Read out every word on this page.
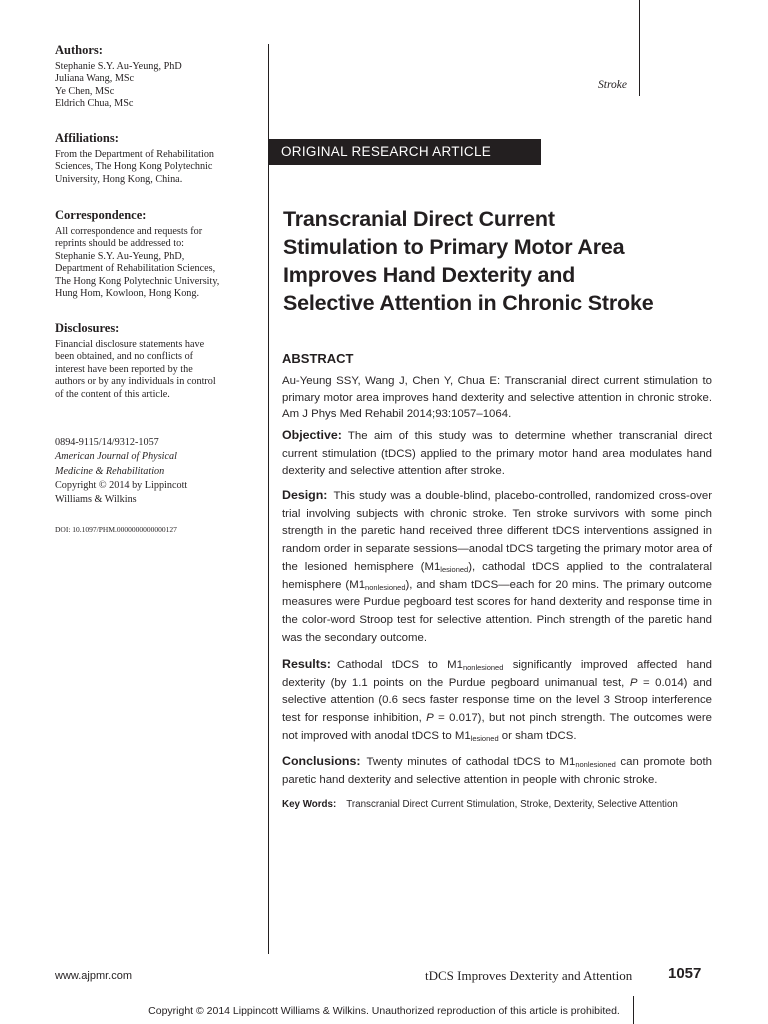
Authors:
Stephanie S.Y. Au-Yeung, PhD
Juliana Wang, MSc
Ye Chen, MSc
Eldrich Chua, MSc
Affiliations:
From the Department of Rehabilitation
Sciences, The Hong Kong Polytechnic
University, Hong Kong, China.
Correspondence:
All correspondence and requests for
reprints should be addressed to:
Stephanie S.Y. Au-Yeung, PhD,
Department of Rehabilitation Sciences,
The Hong Kong Polytechnic University,
Hung Hom, Kowloon, Hong Kong.
Disclosures:
Financial disclosure statements have
been obtained, and no conflicts of
interest have been reported by the
authors or by any individuals in control
of the content of this article.
0894-9115/14/9312-1057
American Journal of Physical
Medicine & Rehabilitation
Copyright © 2014 by Lippincott
Williams & Wilkins
DOI: 10.1097/PHM.0000000000000127
Stroke
ORIGINAL RESEARCH ARTICLE
Transcranial Direct Current
Stimulation to Primary Motor Area
Improves Hand Dexterity and
Selective Attention in Chronic Stroke
ABSTRACT
Au-Yeung SSY, Wang J, Chen Y, Chua E: Transcranial direct current stimulation to primary motor area improves hand dexterity and selective attention in chronic stroke. Am J Phys Med Rehabil 2014;93:1057–1064.
Objective: The aim of this study was to determine whether transcranial direct current stimulation (tDCS) applied to the primary motor hand area modulates hand dexterity and selective attention after stroke.
Design: This study was a double-blind, placebo-controlled, randomized cross-over trial involving subjects with chronic stroke. Ten stroke survivors with some pinch strength in the paretic hand received three different tDCS interventions assigned in random order in separate sessions—anodal tDCS targeting the primary motor area of the lesioned hemisphere $(M1_{lesioned})$, cathodal tDCS applied to the contralateral hemisphere $(M1_{nonlesioned})$, and sham tDCS—each for 20 mins. The primary outcome measures were Purdue pegboard test scores for hand dexterity and response time in the color-word Stroop test for selective attention. Pinch strength of the paretic hand was the secondary outcome.
Results: Cathodal tDCS to $M1_{nonlesioned}$ significantly improved affected hand dexterity (by 1.1 points on the Purdue pegboard unimanual test, P = 0.014) and selective attention (0.6 secs faster response time on the level 3 Stroop interference test for response inhibition, P = 0.017), but not pinch strength. The outcomes were not improved with anodal tDCS to $M1_{lesioned}$ or sham tDCS.
Conclusions: Twenty minutes of cathodal tDCS to $M1_{nonlesioned}$ can promote both paretic hand dexterity and selective attention in people with chronic stroke.
Key Words: Transcranial Direct Current Stimulation, Stroke, Dexterity, Selective Attention
www.ajpmr.com	tDCS Improves Dexterity and Attention 1057
Copyright © 2014 Lippincott Williams & Wilkins. Unauthorized reproduction of this article is prohibited.
